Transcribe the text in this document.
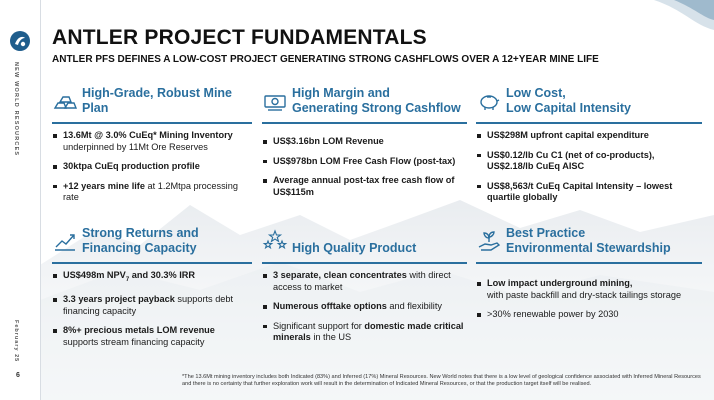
NEW WORLD RESOURCES
February 25
6
ANTLER PROJECT FUNDAMENTALS

ANTLER PFS DEFINES A LOW-COST PROJECT GENERATING STRONG CASHFLOWS OVER A 12+YEAR MINE LIFE

High-Grade, Robust Mine
Plan
13.6Mt @ 3.0% CuEq* Mining Inventory
underpinned by 11Mt Ore Reserves
30ktpa CuEq production profile
+12 years mine life at 1.2Mtpa processing rate
High Margin and
Generating Strong Cashflow
US$3.16bn LOM Revenue
US$978bn LOM Free Cash Flow (post-tax)
Average annual post-tax free cash flow of US$115m
Low Cost,
Low Capital Intensity
US$298M upfront capital expenditure
US$0.12/lb Cu C1 (net of co-products), US$2.18/lb CuEq AISC
US$8,563/t CuEq Capital Intensity – lowest quartile globally
Strong Returns and
Financing Capacity
US$498m $NPV_7$ and 30.3% IRR
3.3 years project payback supports debt financing capacity
8%+ precious metals LOM revenue supports stream financing capacity
High Quality Product
3 separate, clean concentrates with direct access to market
Numerous offtake options and flexibility
Significant support for domestic made critical minerals in the US
Best Practice
Environmental Stewardship
Low impact underground mining,
with paste backfill and dry-stack tailings storage
>30% renewable power by 2030
*The 13.6Mt mining inventory includes both Indicated (83%) and Inferred (17%) Mineral Resources. New World notes that there is a low level of geological confidence associated with Inferred Mineral Resources and there is no certainty that further exploration work will result in the determination of Indicated Mineral Resources, or that the production target itself will be realised.
